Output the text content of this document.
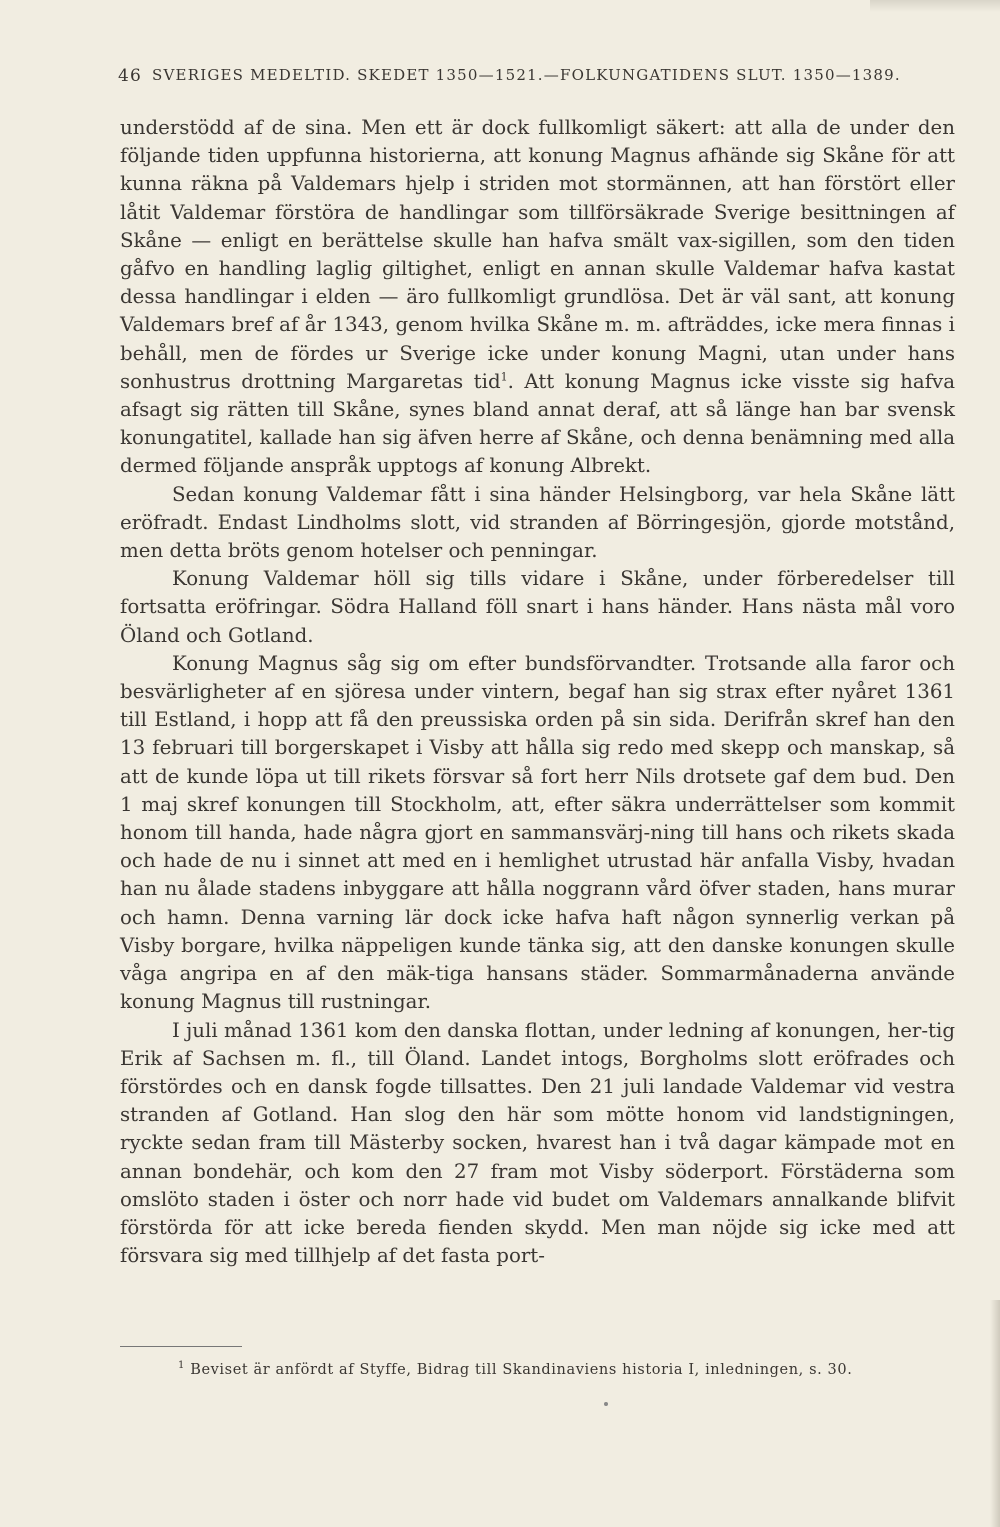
46 SVERIGES MEDELTID. SKEDET 1350—1521.—FOLKUNGATIDENS SLUT. 1350—1389.

understödd af de sina. Men ett är dock fullkomligt säkert: att alla de under den följande tiden uppfunna historierna, att konung Magnus afhände sig Skåne för att kunna räkna på Valdemars hjelp i striden mot stormännen, att han förstört eller låtit Valdemar förstöra de handlingar som tillförsäkrade Sverige besittningen af Skåne — enligt en berättelse skulle han hafva smält vax-sigillen, som den tiden gåfvo en handling laglig giltighet, enligt en annan skulle Valdemar hafva kastat dessa handlingar i elden — äro fullkomligt grundlösa. Det är väl sant, att konung Valdemars bref af år 1343, genom hvilka Skåne m. m. afträddes, icke mera finnas i behåll, men de fördes ur Sverige icke under konung Magni, utan under hans sonhustrus drottning Margaretas tid$^1$. Att konung Magnus icke visste sig hafva afsagt sig rätten till Skåne, synes bland annat deraf, att så länge han bar svensk konungatitel, kallade han sig äfven herre af Skåne, och denna benämning med alla dermed följande anspråk upptogs af konung Albrekt.

Sedan konung Valdemar fått i sina händer Helsingborg, var hela Skåne lätt eröfradt. Endast Lindholms slott, vid stranden af Börringesjön, gjorde motstånd, men detta bröts genom hotelser och penningar.

Konung Valdemar höll sig tills vidare i Skåne, under förberedelser till fortsatta eröfringar. Södra Halland föll snart i hans händer. Hans nästa mål voro Öland och Gotland.

Konung Magnus såg sig om efter bundsförvandter. Trotsande alla faror och besvärligheter af en sjöresa under vintern, begaf han sig strax efter nyåret 1361 till Estland, i hopp att få den preussiska orden på sin sida. Derifrån skref han den 13 februari till borgerskapet i Visby att hålla sig redo med skepp och manskap, så att de kunde löpa ut till rikets försvar så fort herr Nils drotsete gaf dem bud. Den 1 maj skref konungen till Stockholm, att, efter säkra underrättelser som kommit honom till handa, hade några gjort en sammansvärj-ning till hans och rikets skada och hade de nu i sinnet att med en i hemlighet utrustad här anfalla Visby, hvadan han nu ålade stadens inbyggare att hålla noggrann vård öfver staden, hans murar och hamn. Denna varning lär dock icke hafva haft någon synnerlig verkan på Visby borgare, hvilka näppeligen kunde tänka sig, att den danske konungen skulle våga angripa en af den mäk-tiga hansans städer. Sommarmånaderna använde konung Magnus till rustningar.

I juli månad 1361 kom den danska flottan, under ledning af konungen, her-tig Erik af Sachsen m. fl., till Öland. Landet intogs, Borgholms slott eröfrades och förstördes och en dansk fogde tillsattes. Den 21 juli landade Valdemar vid vestra stranden af Gotland. Han slog den här som mötte honom vid landstigningen, ryckte sedan fram till Mästerby socken, hvarest han i två dagar kämpade mot en annan bondehär, och kom den 27 fram mot Visby söderport. Förstäderna som omslöto staden i öster och norr hade vid budet om Valdemars annalkande blifvit förstörda för att icke bereda fienden skydd. Men man nöjde sig icke med att försvara sig med tillhjelp af det fasta port-

$^1$ Beviset är anfördt af Styffe, Bidrag till Skandinaviens historia I, inledningen, s. 30.
